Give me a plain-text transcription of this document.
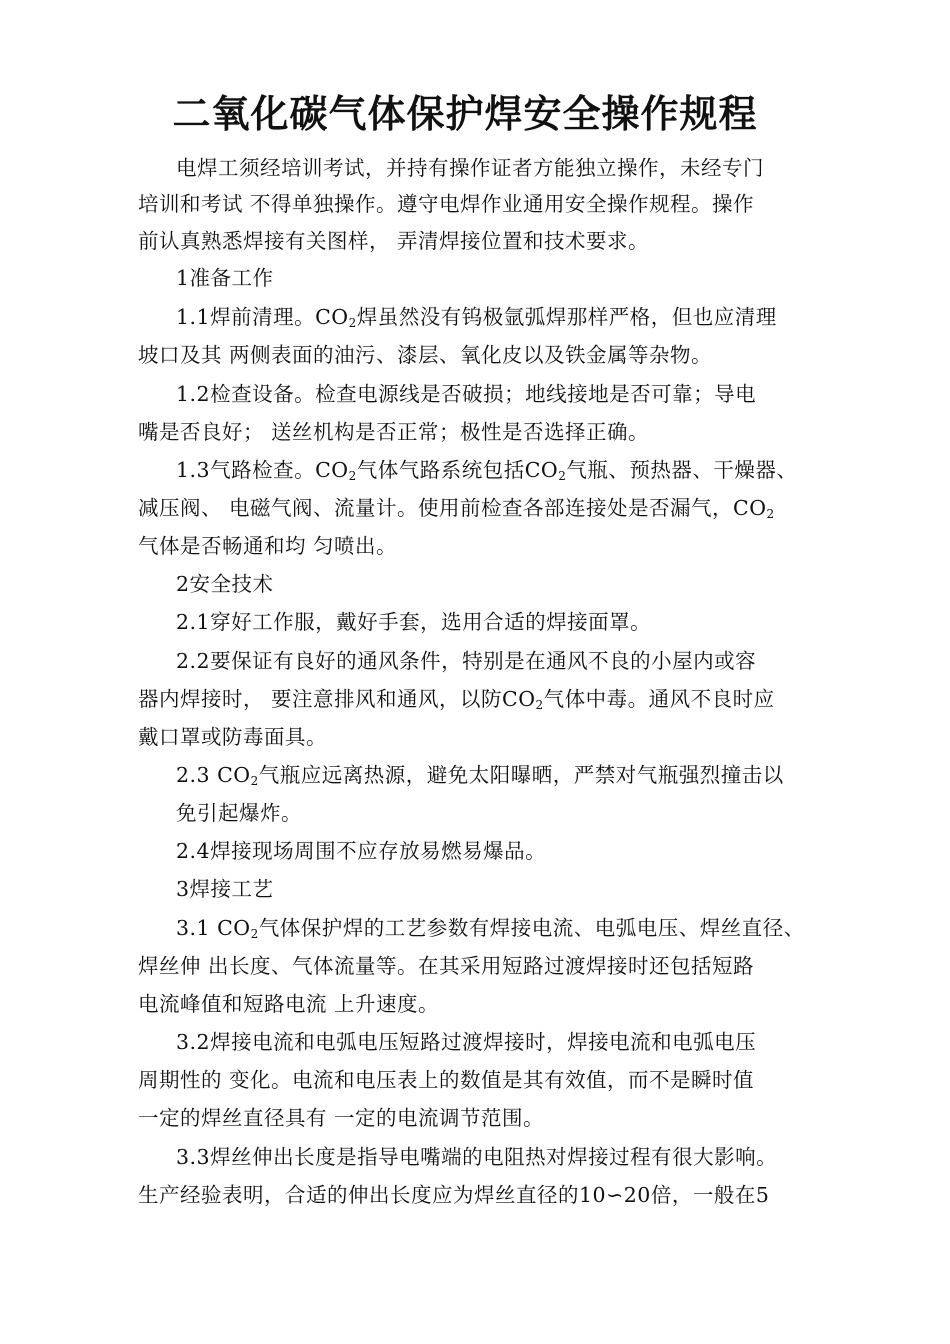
二氧化碳气体保护焊安全操作规程
电焊工须经培训考试，并持有操作证者方能独立操作，未经专门
培训和考试 不得单独操作。遵守电焊作业通用安全操作规程。操作
前认真熟悉焊接有关图样， 弄清焊接位置和技术要求。
1准备工作
1.1焊前清理。$CO_2$焊虽然没有钨极氩弧焊那样严格，但也应清理
坡口及其 两侧表面的油污、漆层、氧化皮以及铁金属等杂物。
1.2检查设备。检查电源线是否破损；地线接地是否可靠；导电
嘴是否良好； 送丝机构是否正常；极性是否选择正确。
1.3气路检查。$CO_2$气体气路系统包括$CO_2$气瓶、预热器、干燥器、
减压阀、 电磁气阀、流量计。使用前检查各部连接处是否漏气，$CO_2$
气体是否畅通和均 匀喷出。
2安全技术
2.1穿好工作服，戴好手套，选用合适的焊接面罩。
2.2要保证有良好的通风条件，特别是在通风不良的小屋内或容
器内焊接时， 要注意排风和通风，以防$CO_2$气体中毒。通风不良时应
戴口罩或防毒面具。
2.3 $CO_2$气瓶应远离热源，避免太阳曝晒，严禁对气瓶强烈撞击以
免引起爆炸。
2.4焊接现场周围不应存放易燃易爆品。
3焊接工艺
3.1 $CO_2$气体保护焊的工艺参数有焊接电流、电弧电压、焊丝直径、
焊丝伸 出长度、气体流量等。在其采用短路过渡焊接时还包括短路
电流峰值和短路电流 上升速度。
3.2焊接电流和电弧电压短路过渡焊接时，焊接电流和电弧电压
周期性的 变化。电流和电压表上的数值是其有效值，而不是瞬时值
一定的焊丝直径具有 一定的电流调节范围。
3.3焊丝伸出长度是指导电嘴端的电阻热对焊接过程有很大影响。
生产经验表明，合适的伸出长度应为焊丝直径的10∽20倍，一般在5
